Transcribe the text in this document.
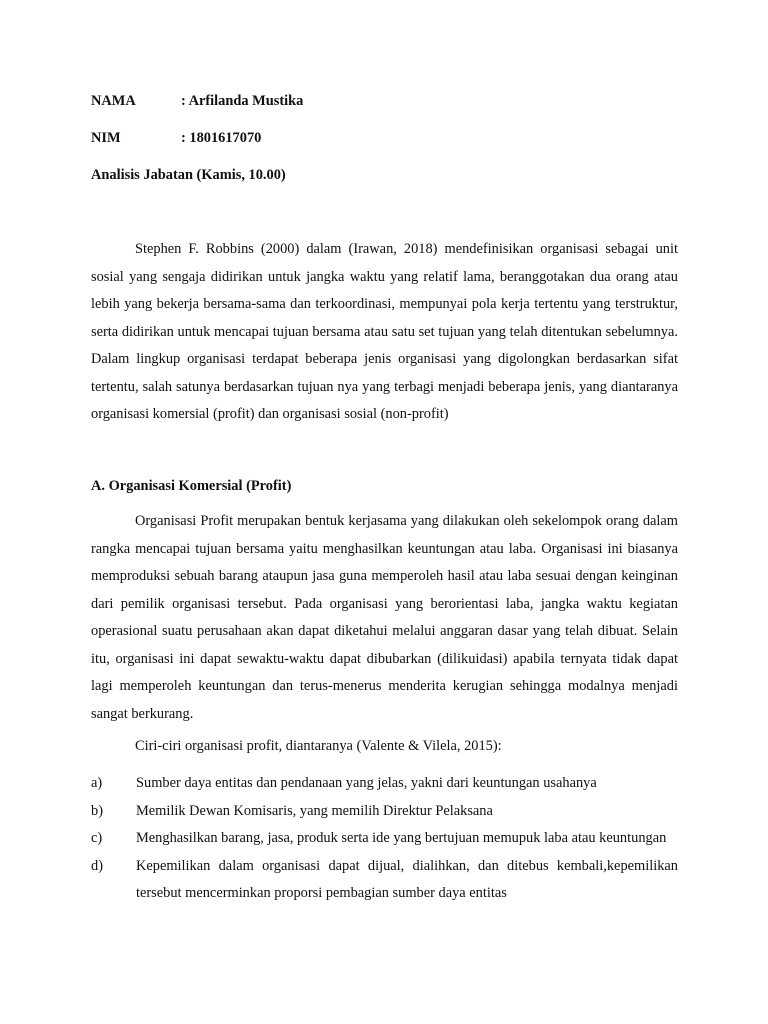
NAMA	: Arfilanda Mustika
NIM	: 1801617070
Analisis Jabatan (Kamis, 10.00)

Stephen F. Robbins (2000) dalam (Irawan, 2018) mendefinisikan organisasi sebagai unit sosial yang sengaja didirikan untuk jangka waktu yang relatif lama, beranggotakan dua orang atau lebih yang bekerja bersama-sama dan terkoordinasi, mempunyai pola kerja tertentu yang terstruktur, serta didirikan untuk mencapai tujuan bersama atau satu set tujuan yang telah ditentukan sebelumnya. Dalam lingkup organisasi terdapat beberapa jenis organisasi yang digolongkan berdasarkan sifat tertentu, salah satunya berdasarkan tujuan nya yang terbagi menjadi beberapa jenis, yang diantaranya organisasi komersial (profit) dan organisasi sosial (non-profit)

A. Organisasi Komersial (Profit)

Organisasi Profit merupakan bentuk kerjasama yang dilakukan oleh sekelompok orang dalam rangka mencapai tujuan bersama yaitu menghasilkan keuntungan atau laba. Organisasi ini biasanya memproduksi sebuah barang ataupun jasa guna memperoleh hasil atau laba sesuai dengan keinginan dari pemilik organisasi tersebut. Pada organisasi yang berorientasi laba, jangka waktu kegiatan operasional suatu perusahaan akan dapat diketahui melalui anggaran dasar yang telah dibuat. Selain itu, organisasi ini dapat sewaktu-waktu dapat dibubarkan (dilikuidasi) apabila ternyata tidak dapat lagi memperoleh keuntungan dan terus-menerus menderita kerugian sehingga modalnya menjadi sangat berkurang.

Ciri-ciri organisasi profit, diantaranya (Valente & Vilela, 2015):
a) Sumber daya entitas dan pendanaan yang jelas, yakni dari keuntungan usahanya
b) Memilik Dewan Komisaris, yang memilih Direktur Pelaksana
c) Menghasilkan barang, jasa, produk serta ide yang bertujuan memupuk laba atau keuntungan
d) Kepemilikan dalam organisasi dapat dijual, dialihkan, dan ditebus kembali,kepemilikan tersebut mencerminkan proporsi pembagian sumber daya entitas
